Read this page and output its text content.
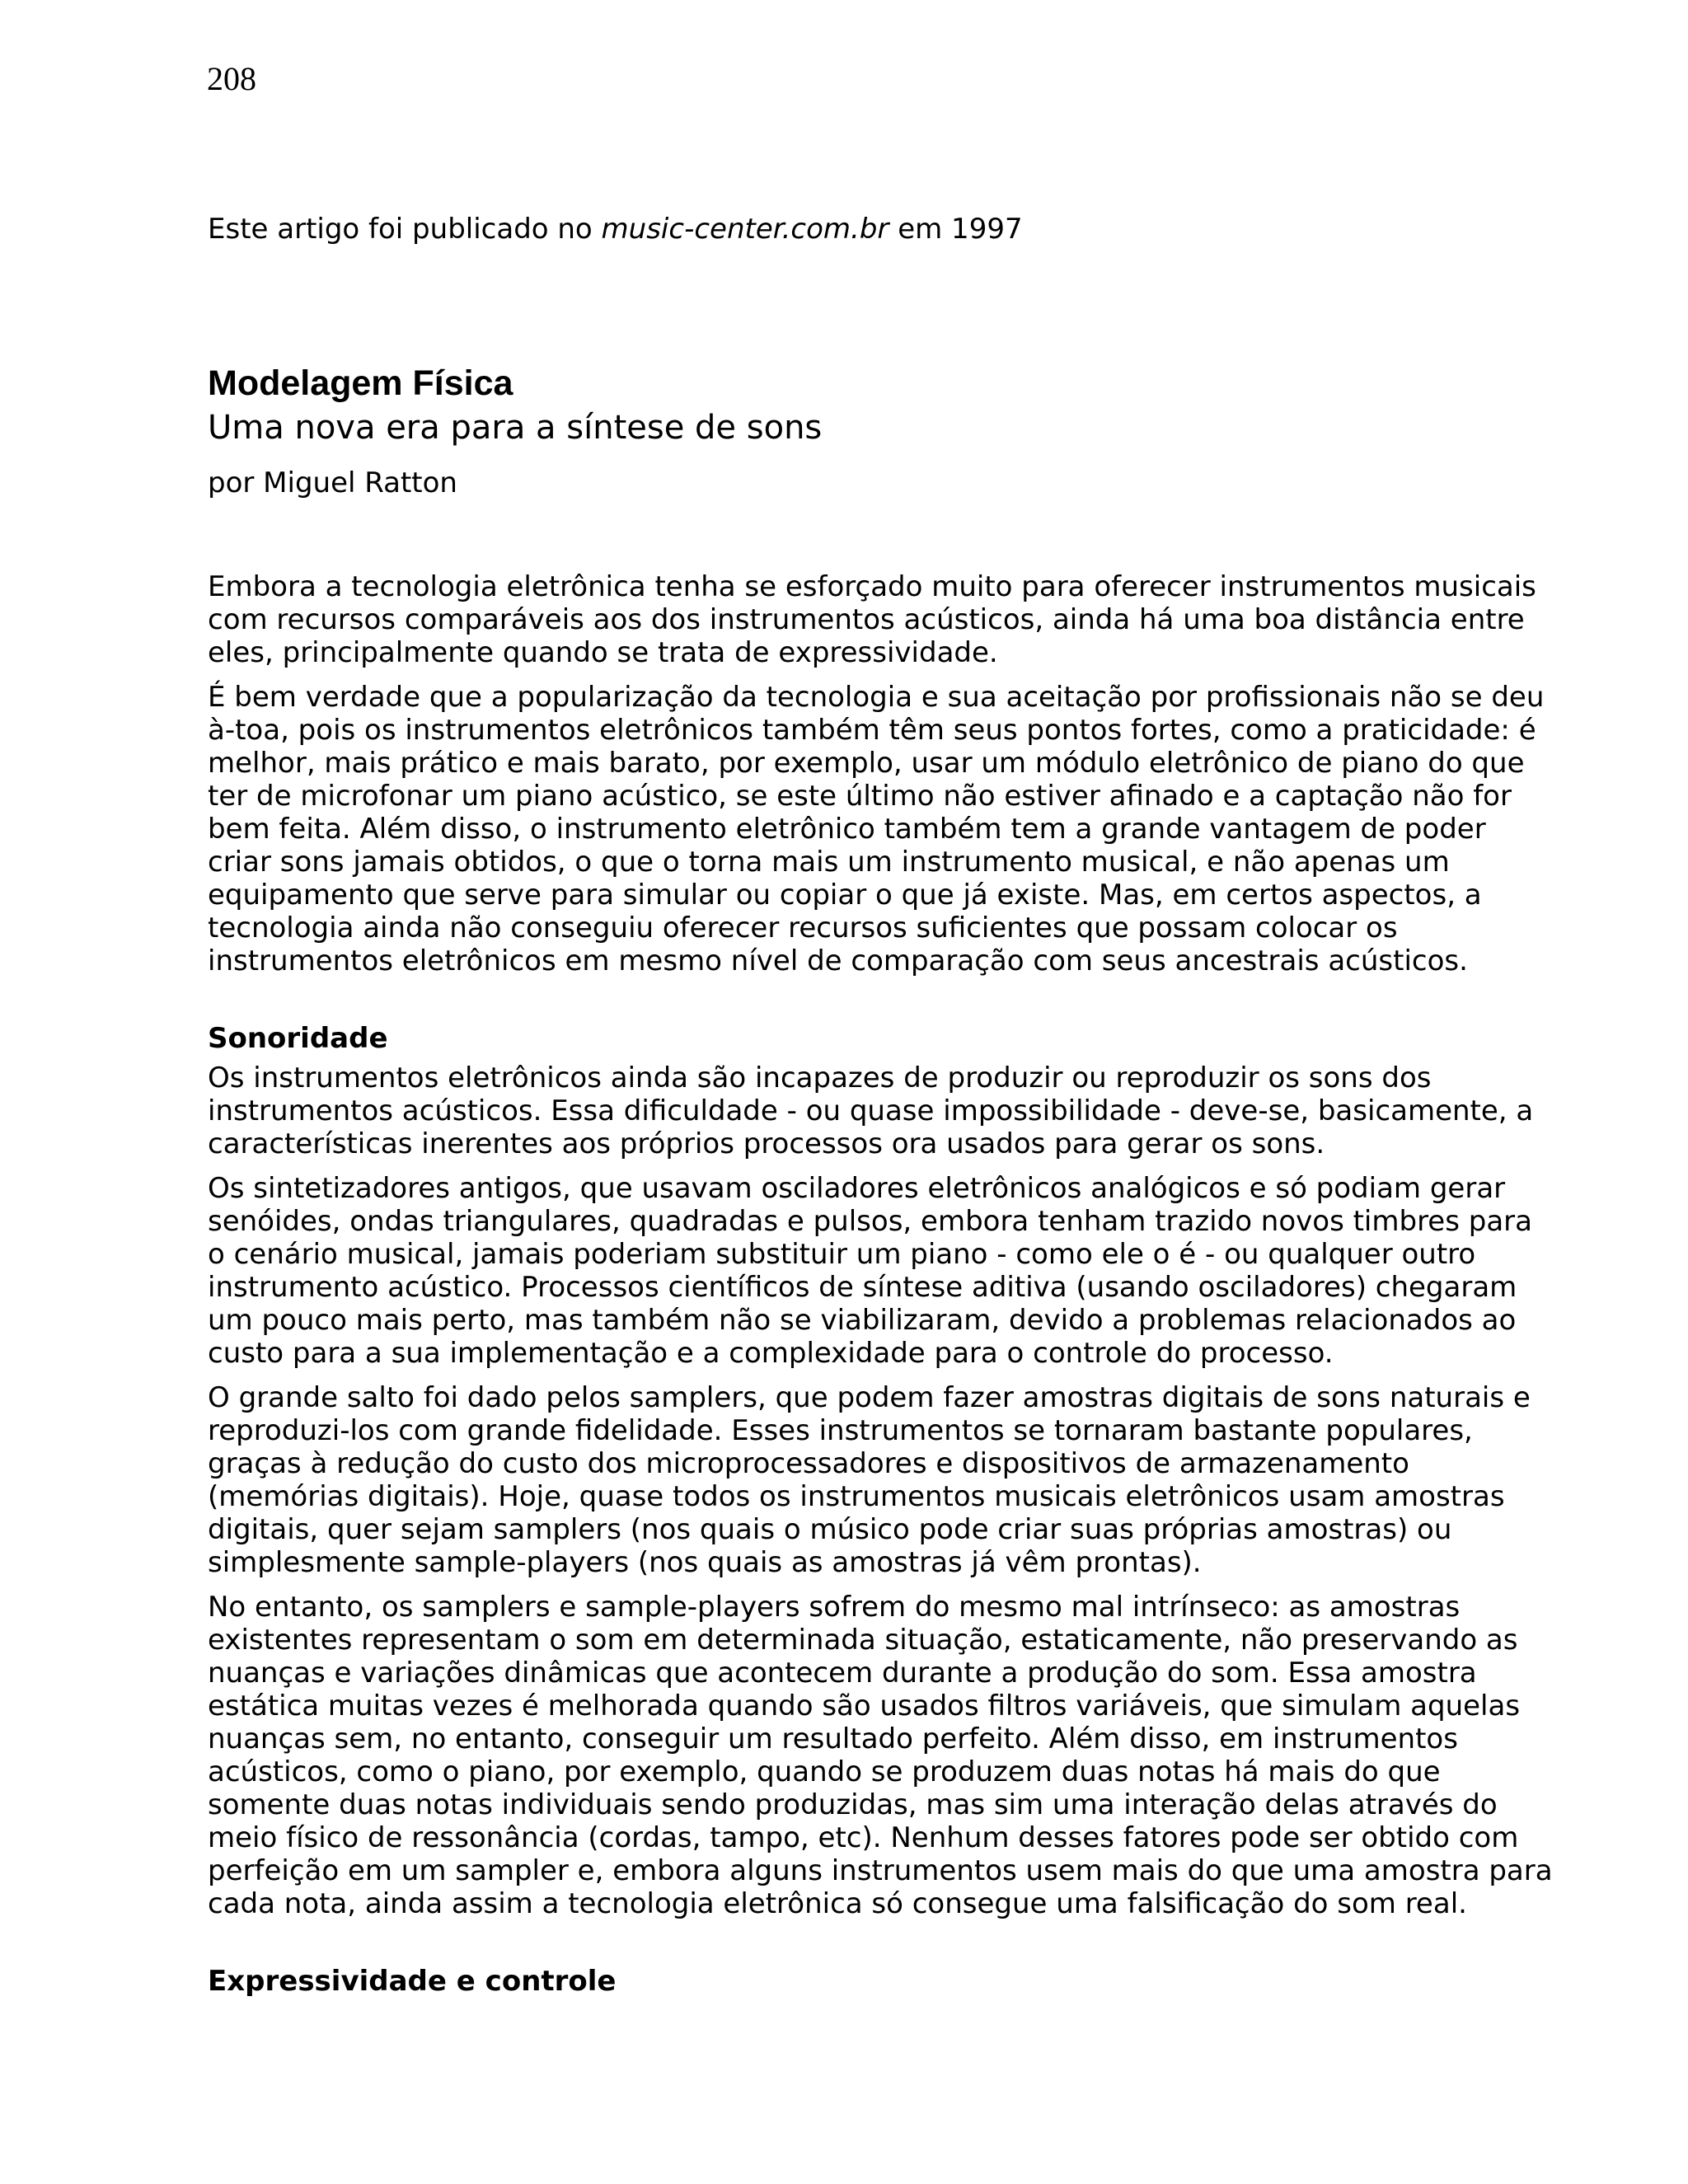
208

Este artigo foi publicado no music-center.com.br em 1997

Modelagem Física
Uma nova era para a síntese de sons
por Miguel Ratton

Embora a tecnologia eletrônica tenha se esforçado muito para oferecer instrumentos musicais
com recursos comparáveis aos dos instrumentos acústicos, ainda há uma boa distância entre
eles, principalmente quando se trata de expressividade.

É bem verdade que a popularização da tecnologia e sua aceitação por profissionais não se deu
à-toa, pois os instrumentos eletrônicos também têm seus pontos fortes, como a praticidade: é
melhor, mais prático e mais barato, por exemplo, usar um módulo eletrônico de piano do que
ter de microfonar um piano acústico, se este último não estiver afinado e a captação não for
bem feita. Além disso, o instrumento eletrônico também tem a grande vantagem de poder
criar sons jamais obtidos, o que o torna mais um instrumento musical, e não apenas um
equipamento que serve para simular ou copiar o que já existe. Mas, em certos aspectos, a
tecnologia ainda não conseguiu oferecer recursos suficientes que possam colocar os
instrumentos eletrônicos em mesmo nível de comparação com seus ancestrais acústicos.

Sonoridade

Os instrumentos eletrônicos ainda são incapazes de produzir ou reproduzir os sons dos
instrumentos acústicos. Essa dificuldade - ou quase impossibilidade - deve-se, basicamente, a
características inerentes aos próprios processos ora usados para gerar os sons.

Os sintetizadores antigos, que usavam osciladores eletrônicos analógicos e só podiam gerar
senóides, ondas triangulares, quadradas e pulsos, embora tenham trazido novos timbres para
o cenário musical, jamais poderiam substituir um piano - como ele o é - ou qualquer outro
instrumento acústico. Processos científicos de síntese aditiva (usando osciladores) chegaram
um pouco mais perto, mas também não se viabilizaram, devido a problemas relacionados ao
custo para a sua implementação e a complexidade para o controle do processo.

O grande salto foi dado pelos samplers, que podem fazer amostras digitais de sons naturais e
reproduzi-los com grande fidelidade. Esses instrumentos se tornaram bastante populares,
graças à redução do custo dos microprocessadores e dispositivos de armazenamento
(memórias digitais). Hoje, quase todos os instrumentos musicais eletrônicos usam amostras
digitais, quer sejam samplers (nos quais o músico pode criar suas próprias amostras) ou
simplesmente sample-players (nos quais as amostras já vêm prontas).

No entanto, os samplers e sample-players sofrem do mesmo mal intrínseco: as amostras
existentes representam o som em determinada situação, estaticamente, não preservando as
nuanças e variações dinâmicas que acontecem durante a produção do som. Essa amostra
estática muitas vezes é melhorada quando são usados filtros variáveis, que simulam aquelas
nuanças sem, no entanto, conseguir um resultado perfeito. Além disso, em instrumentos
acústicos, como o piano, por exemplo, quando se produzem duas notas há mais do que
somente duas notas individuais sendo produzidas, mas sim uma interação delas através do
meio físico de ressonância (cordas, tampo, etc). Nenhum desses fatores pode ser obtido com
perfeição em um sampler e, embora alguns instrumentos usem mais do que uma amostra para
cada nota, ainda assim a tecnologia eletrônica só consegue uma falsificação do som real.

Expressividade e controle
